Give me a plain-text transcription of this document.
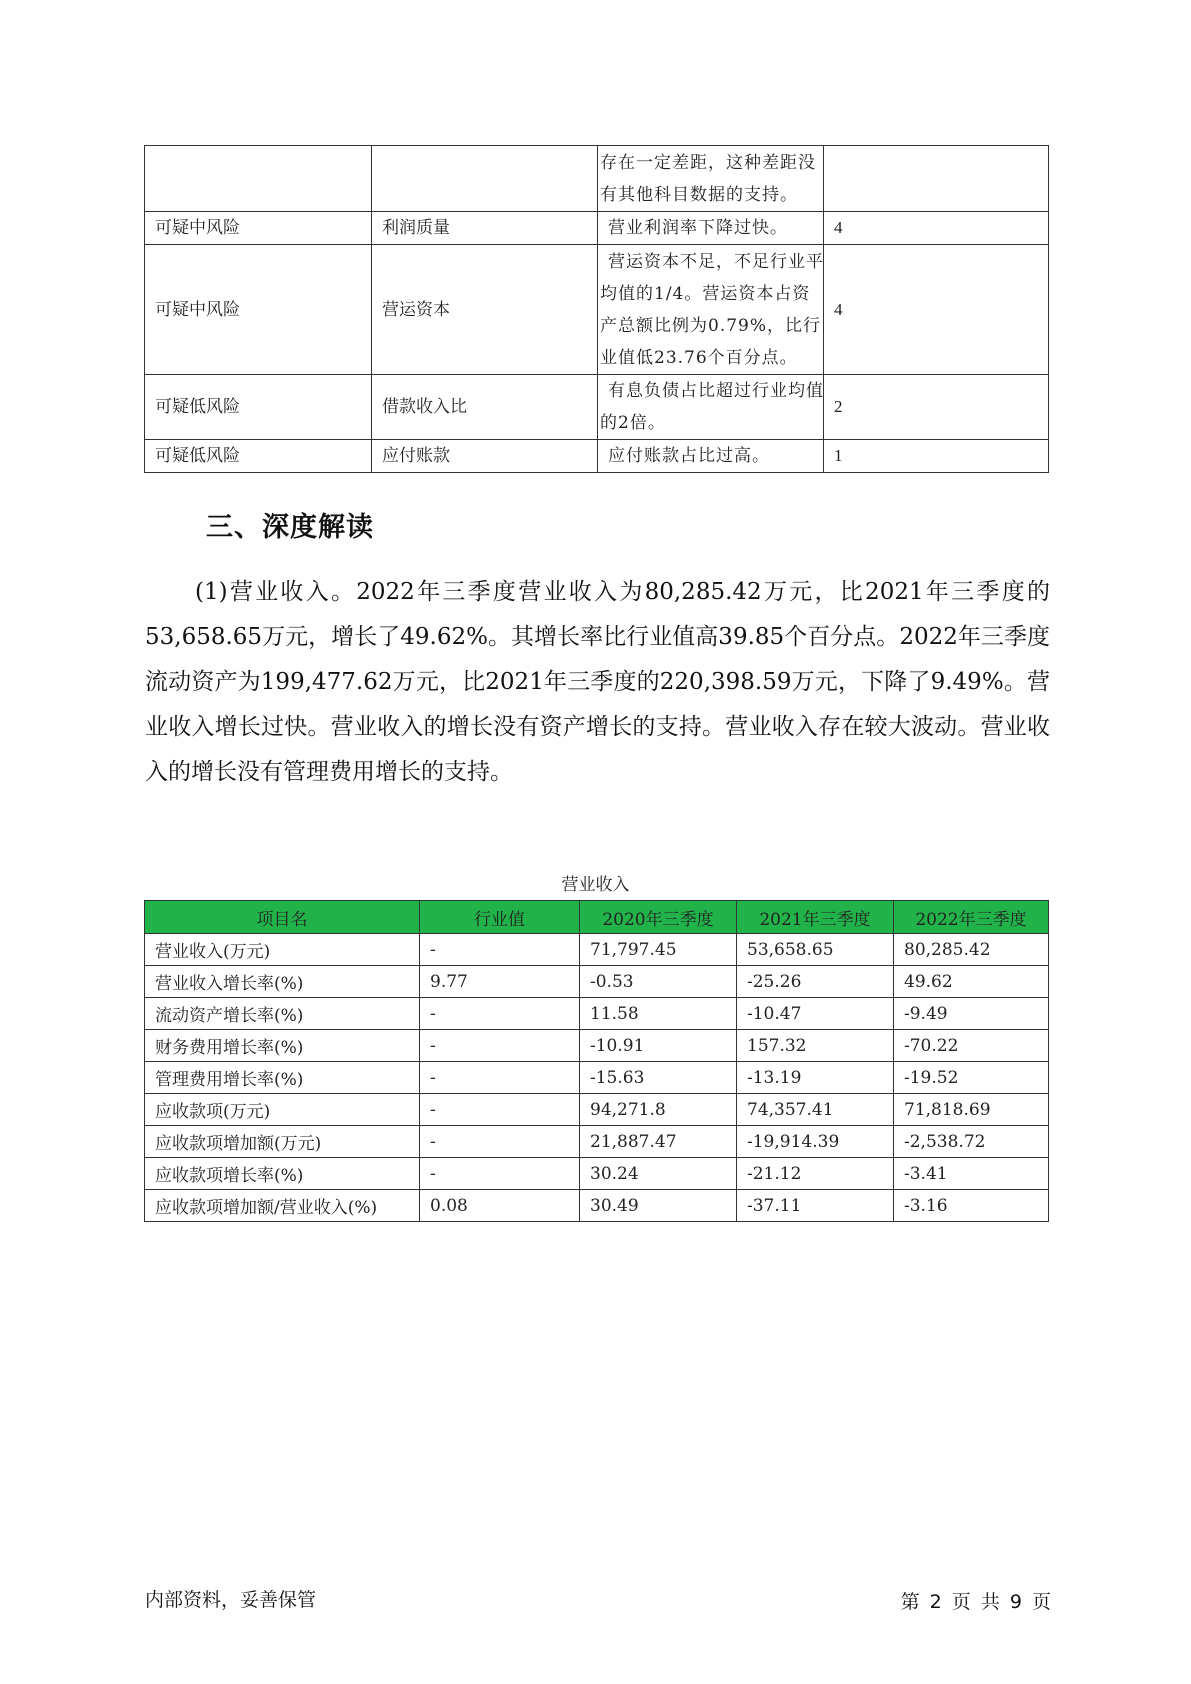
		存在一定差距，这种差距没有其他科目数据的支持。	

可疑中风险	利润质量	营业利润率下降过快。	4
可疑中风险	营运资本	营运资本不足，不足行业平均值的1/4。营运资本占资产总额比例为0.79%，比行业值低23.76个百分点。	4
可疑低风险	借款收入比	有息负债占比超过行业均值的2倍。	2
可疑低风险	应付账款	应付账款占比过高。	1
三、深度解读

(1)营业收入。2022年三季度营业收入为80,285.42万元，比2021年三季度的53,658.65万元，增长了49.62%。其增长率比行业值高39.85个百分点。2022年三季度流动资产为199,477.62万元，比2021年三季度的220,398.59万元，下降了9.49%。营业收入增长过快。营业收入的增长没有资产增长的支持。营业收入存在较大波动。营业收入的增长没有管理费用增长的支持。

营业收入
项目名	行业值	2020年三季度	2021年三季度	2022年三季度
营业收入(万元)	-	71,797.45	53,658.65	80,285.42
营业收入增长率(%)	9.77	-0.53	-25.26	49.62
流动资产增长率(%)	-	11.58	-10.47	-9.49
财务费用增长率(%)	-	-10.91	157.32	-70.22
管理费用增长率(%)	-	-15.63	-13.19	-19.52
应收款项(万元)	-	94,271.8	74,357.41	71,818.69
应收款项增加额(万元)	-	21,887.47	-19,914.39	-2,538.72
应收款项增长率(%)	-	30.24	-21.12	-3.41
应收款项增加额/营业收入(%)	0.08	30.49	-37.11	-3.16
内部资料，妥善保管	第 2 页 共 9 页
